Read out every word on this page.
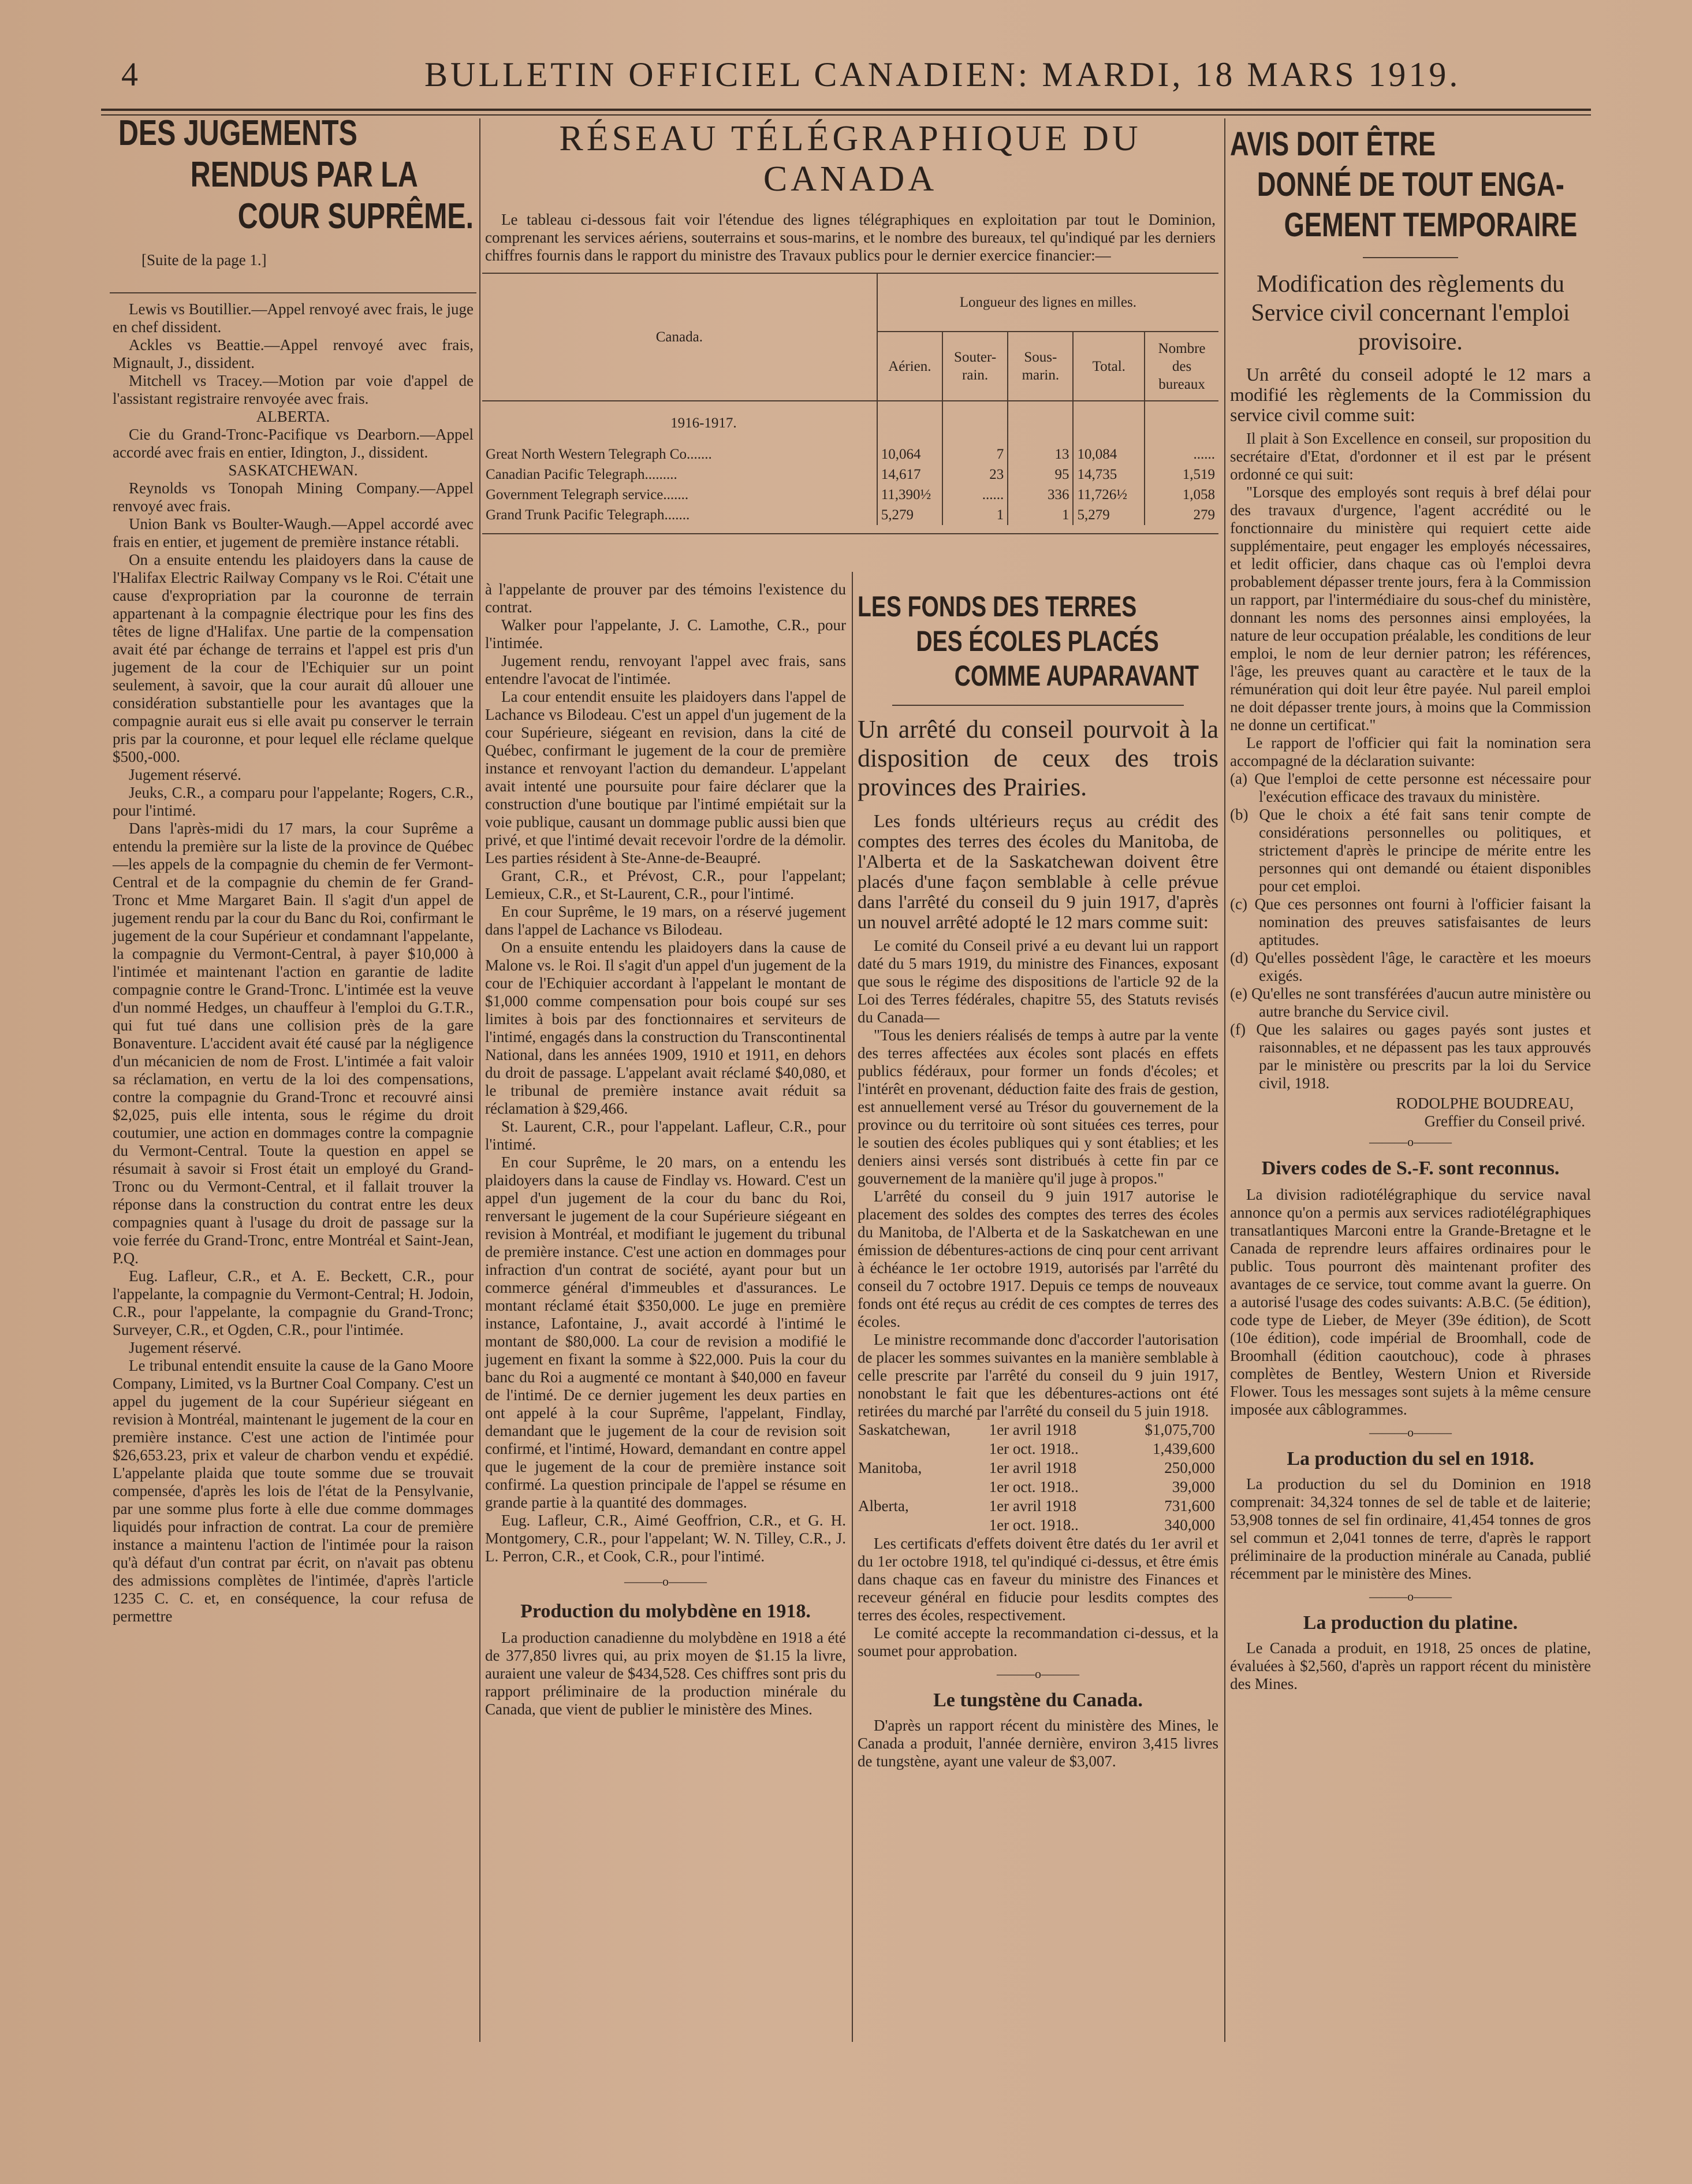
4	BULLETIN OFFICIEL CANADIEN: MARDI, 18 MARS 1919.
DES JUGEMENTS
RENDUS PAR LA
COUR SUPRÊME.
[Suite de la page 1.]

Lewis vs Boutillier.—Appel renvoyé avec frais, le juge en chef dissident.

Ackles vs Beattie.—Appel renvoyé avec frais, Mignault, J., dissident.

Mitchell vs Tracey.—Motion par voie d'appel de l'assistant registraire renvoyée avec frais.

ALBERTA.

Cie du Grand-Tronc-Pacifique vs Dearborn.—Appel accordé avec frais en entier, Idington, J., dissident.

SASKATCHEWAN.

Reynolds vs Tonopah Mining Company.—Appel renvoyé avec frais.

Union Bank vs Boulter-Waugh.—Appel accordé avec frais en entier, et jugement de première instance rétabli.

On a ensuite entendu les plaidoyers dans la cause de l'Halifax Electric Railway Company vs le Roi. C'était une cause d'expropriation par la couronne de terrain appartenant à la compagnie électrique pour les fins des têtes de ligne d'Halifax. Une partie de la compensation avait été par échange de terrains et l'appel est pris d'un jugement de la cour de l'Echiquier sur un point seulement, à savoir, que la cour aurait dû allouer une considération substantielle pour les avantages que la compagnie aurait eus si elle avait pu conserver le terrain pris par la couronne, et pour lequel elle réclame quelque $500,-000.

Jugement réservé.

Jeuks, C.R., a comparu pour l'appelante; Rogers, C.R., pour l'intimé.

Dans l'après-midi du 17 mars, la cour Suprême a entendu la première sur la liste de la province de Québec—les appels de la compagnie du chemin de fer Vermont-Central et de la compagnie du chemin de fer Grand-Tronc et Mme Margaret Bain. Il s'agit d'un appel de jugement rendu par la cour du Banc du Roi, confirmant le jugement de la cour Supérieur et condamnant l'appelante, la compagnie du Vermont-Central, à payer $10,000 à l'intimée et maintenant l'action en garantie de ladite compagnie contre le Grand-Tronc. L'intimée est la veuve d'un nommé Hedges, un chauffeur à l'emploi du G.T.R., qui fut tué dans une collision près de la gare Bonaventure. L'accident avait été causé par la négligence d'un mécanicien de nom de Frost. L'intimée a fait valoir sa réclamation, en vertu de la loi des compensations, contre la compagnie du Grand-Tronc et recouvré ainsi $2,025, puis elle intenta, sous le régime du droit coutumier, une action en dommages contre la compagnie du Vermont-Central. Toute la question en appel se résumait à savoir si Frost était un employé du Grand-Tronc ou du Vermont-Central, et il fallait trouver la réponse dans la construction du contrat entre les deux compagnies quant à l'usage du droit de passage sur la voie ferrée du Grand-Tronc, entre Montréal et Saint-Jean, P.Q.

Eug. Lafleur, C.R., et A. E. Beckett, C.R., pour l'appelante, la compagnie du Vermont-Central; H. Jodoin, C.R., pour l'appelante, la compagnie du Grand-Tronc; Surveyer, C.R., et Ogden, C.R., pour l'intimée.

Jugement réservé.

Le tribunal entendit ensuite la cause de la Gano Moore Company, Limited, vs la Burtner Coal Company. C'est un appel du jugement de la cour Supérieur siégeant en revision à Montréal, maintenant le jugement de la cour en première instance. C'est une action de l'intimée pour $26,653.23, prix et valeur de charbon vendu et expédié. L'appelante plaida que toute somme due se trouvait compensée, d'après les lois de l'état de la Pensylvanie, par une somme plus forte à elle due comme dommages liquidés pour infraction de contrat. La cour de première instance a maintenu l'action de l'intimée pour la raison qu'à défaut d'un contrat par écrit, on n'avait pas obtenu des admissions complètes de l'intimée, d'après l'article 1235 C. C. et, en conséquence, la cour refusa de permettre

RÉSEAU TÉLÉGRAPHIQUE DU CANADA

Le tableau ci-dessous fait voir l'étendue des lignes télégraphiques en exploitation par tout le Dominion, comprenant les services aériens, souterrains et sous-marins, et le nombre des bureaux, tel qu'indiqué par les derniers chiffres fournis dans le rapport du ministre des Travaux publics pour le dernier exercice financier:—

Canada.	Longueur des lignes en milles.				
	Aérien.	Souter-rain.	Sous-marin.	Total.	Nombre des bureaux
1916-1917.					
Great North Western Telegraph Co.......	10,064	7	13	10,084	......
Canadian Pacific Telegraph.........	14,617	23	95	14,735	1,519
Government Telegraph service.......	11,390½	......	336	11,726½	1,058
Grand Trunk Pacific Telegraph.......	5,279	1	1	5,279	279

à l'appelante de prouver par des témoins l'existence du contrat.

Walker pour l'appelante, J. C. Lamothe, C.R., pour l'intimée.

Jugement rendu, renvoyant l'appel avec frais, sans entendre l'avocat de l'intimée.

La cour entendit ensuite les plaidoyers dans l'appel de Lachance vs Bilodeau. C'est un appel d'un jugement de la cour Supérieure, siégeant en revision, dans la cité de Québec, confirmant le jugement de la cour de première instance et renvoyant l'action du demandeur. L'appelant avait intenté une poursuite pour faire déclarer que la construction d'une boutique par l'intimé empiétait sur la voie publique, causant un dommage public aussi bien que privé, et que l'intimé devait recevoir l'ordre de la démolir. Les parties résident à Ste-Anne-de-Beaupré.

Grant, C.R., et Prévost, C.R., pour l'appelant; Lemieux, C.R., et St-Laurent, C.R., pour l'intimé.

En cour Suprême, le 19 mars, on a réservé jugement dans l'appel de Lachance vs Bilodeau.

On a ensuite entendu les plaidoyers dans la cause de Malone vs. le Roi. Il s'agit d'un appel d'un jugement de la cour de l'Echiquier accordant à l'appelant le montant de $1,000 comme compensation pour bois coupé sur ses limites à bois par des fonctionnaires et serviteurs de l'intimé, engagés dans la construction du Transcontinental National, dans les années 1909, 1910 et 1911, en dehors du droit de passage. L'appelant avait réclamé $40,080, et le tribunal de première instance avait réduit sa réclamation à $29,466.

St. Laurent, C.R., pour l'appelant. Lafleur, C.R., pour l'intimé.

En cour Suprême, le 20 mars, on a entendu les plaidoyers dans la cause de Findlay vs. Howard. C'est un appel d'un jugement de la cour du banc du Roi, renversant le jugement de la cour Supérieure siégeant en revision à Montréal, et modifiant le jugement du tribunal de première instance. C'est une action en dommages pour infraction d'un contrat de société, ayant pour but un commerce général d'immeubles et d'assurances. Le montant réclamé était $350,000. Le juge en première instance, Lafontaine, J., avait accordé à l'intimé le montant de $80,000. La cour de revision a modifié le jugement en fixant la somme à $22,000. Puis la cour du banc du Roi a augmenté ce montant à $40,000 en faveur de l'intimé. De ce dernier jugement les deux parties en ont appelé à la cour Suprême, l'appelant, Findlay, demandant que le jugement de la cour de revision soit confirmé, et l'intimé, Howard, demandant en contre appel que le jugement de la cour de première instance soit confirmé. La question principale de l'appel se résume en grande partie à la quantité des dommages.

Eug. Lafleur, C.R., Aimé Geoffrion, C.R., et G. H. Montgomery, C.R., pour l'appelant; W. N. Tilley, C.R., J. L. Perron, C.R., et Cook, C.R., pour l'intimé.

———o———
Production du molybdène en 1918.

La production canadienne du molybdène en 1918 a été de 377,850 livres qui, au prix moyen de $1.15 la livre, auraient une valeur de $434,528. Ces chiffres sont pris du rapport préliminaire de la production minérale du Canada, que vient de publier le ministère des Mines.

LES FONDS DES TERRES
DES ÉCOLES PLACÉS
COMME AUPARAVANT
Un arrêté du conseil pourvoit à la disposition de ceux des trois provinces des Prairies.

Les fonds ultérieurs reçus au crédit des comptes des terres des écoles du Manitoba, de l'Alberta et de la Saskatchewan doivent être placés d'une façon semblable à celle prévue dans l'arrêté du conseil du 9 juin 1917, d'après un nouvel arrêté adopté le 12 mars comme suit:

Le comité du Conseil privé a eu devant lui un rapport daté du 5 mars 1919, du ministre des Finances, exposant que sous le régime des dispositions de l'article 92 de la Loi des Terres fédérales, chapitre 55, des Statuts revisés du Canada—

"Tous les deniers réalisés de temps à autre par la vente des terres affectées aux écoles sont placés en effets publics fédéraux, pour former un fonds d'écoles; et l'intérêt en provenant, déduction faite des frais de gestion, est annuellement versé au Trésor du gouvernement de la province ou du territoire où sont situées ces terres, pour le soutien des écoles publiques qui y sont établies; et les deniers ainsi versés sont distribués à cette fin par ce gouvernement de la manière qu'il juge à propos."

L'arrêté du conseil du 9 juin 1917 autorise le placement des soldes des comptes des terres des écoles du Manitoba, de l'Alberta et de la Saskatchewan en une émission de débentures-actions de cinq pour cent arrivant à échéance le 1er octobre 1919, autorisés par l'arrêté du conseil du 7 octobre 1917. Depuis ce temps de nouveaux fonds ont été reçus au crédit de ces comptes de terres des écoles.

Le ministre recommande donc d'accorder l'autorisation de placer les sommes suivantes en la manière semblable à celle prescrite par l'arrêté du conseil du 9 juin 1917, nonobstant le fait que les débentures-actions ont été retirées du marché par l'arrêté du conseil du 5 juin 1918.

Saskatchewan,	1er avril 1918	$1,075,700
	1er oct. 1918..	1,439,600
Manitoba,	1er avril 1918	250,000
	1er oct. 1918..	39,000
Alberta,	1er avril 1918	731,600
	1er oct. 1918..	340,000

Les certificats d'effets doivent être datés du 1er avril et du 1er octobre 1918, tel qu'indiqué ci-dessus, et être émis dans chaque cas en faveur du ministre des Finances et receveur général en fiducie pour lesdits comptes des terres des écoles, respectivement.

Le comité accepte la recommandation ci-dessus, et la soumet pour approbation.

———o———
Le tungstène du Canada.

D'après un rapport récent du ministère des Mines, le Canada a produit, l'année dernière, environ 3,415 livres de tungstène, ayant une valeur de $3,007.

AVIS DOIT ÊTRE
DONNÉ DE TOUT ENGA-
GEMENT TEMPORAIRE
Modification des règlements du Service civil concernant l'emploi provisoire.

Un arrêté du conseil adopté le 12 mars a modifié les règlements de la Commission du service civil comme suit:

Il plait à Son Excellence en conseil, sur proposition du secrétaire d'Etat, d'ordonner et il est par le présent ordonné ce qui suit:

"Lorsque des employés sont requis à bref délai pour des travaux d'urgence, l'agent accrédité ou le fonctionnaire du ministère qui requiert cette aide supplémentaire, peut engager les employés nécessaires, et ledit officier, dans chaque cas où l'emploi devra probablement dépasser trente jours, fera à la Commission un rapport, par l'intermédiaire du sous-chef du ministère, donnant les noms des personnes ainsi employées, la nature de leur occupation préalable, les conditions de leur emploi, le nom de leur dernier patron; les références, l'âge, les preuves quant au caractère et le taux de la rémunération qui doit leur être payée. Nul pareil emploi ne doit dépasser trente jours, à moins que la Commission ne donne un certificat."

Le rapport de l'officier qui fait la nomination sera accompagné de la déclaration suivante:

(a) Que l'emploi de cette personne est nécessaire pour l'exécution efficace des travaux du ministère.
(b) Que le choix a été fait sans tenir compte de considérations personnelles ou politiques, et strictement d'après le principe de mérite entre les personnes qui ont demandé ou étaient disponibles pour cet emploi.
(c) Que ces personnes ont fourni à l'officier faisant la nomination des preuves satisfaisantes de leurs aptitudes.
(d) Qu'elles possèdent l'âge, le caractère et les moeurs exigés.
(e) Qu'elles ne sont transférées d'aucun autre ministère ou autre branche du Service civil.
(f) Que les salaires ou gages payés sont justes et raisonnables, et ne dépassent pas les taux approuvés par le ministère ou prescrits par la loi du Service civil, 1918.
RODOLPHE BOUDREAU,
Greffier du Conseil privé.
———o———
Divers codes de S.-F. sont reconnus.

La division radiotélégraphique du service naval annonce qu'on a permis aux services radiotélégraphiques transatlantiques Marconi entre la Grande-Bretagne et le Canada de reprendre leurs affaires ordinaires pour le public. Tous pourront dès maintenant profiter des avantages de ce service, tout comme avant la guerre. On a autorisé l'usage des codes suivants: A.B.C. (5e édition), code type de Lieber, de Meyer (39e édition), de Scott (10e édition), code impérial de Broomhall, code de Broomhall (édition caoutchouc), code à phrases complètes de Bentley, Western Union et Riverside Flower. Tous les messages sont sujets à la même censure imposée aux câblogrammes.

———o———
La production du sel en 1918.

La production du sel du Dominion en 1918 comprenait: 34,324 tonnes de sel de table et de laiterie; 53,908 tonnes de sel fin ordinaire, 41,454 tonnes de gros sel commun et 2,041 tonnes de terre, d'après le rapport préliminaire de la production minérale au Canada, publié récemment par le ministère des Mines.

———o———
La production du platine.

Le Canada a produit, en 1918, 25 onces de platine, évaluées à $2,560, d'après un rapport récent du ministère des Mines.
